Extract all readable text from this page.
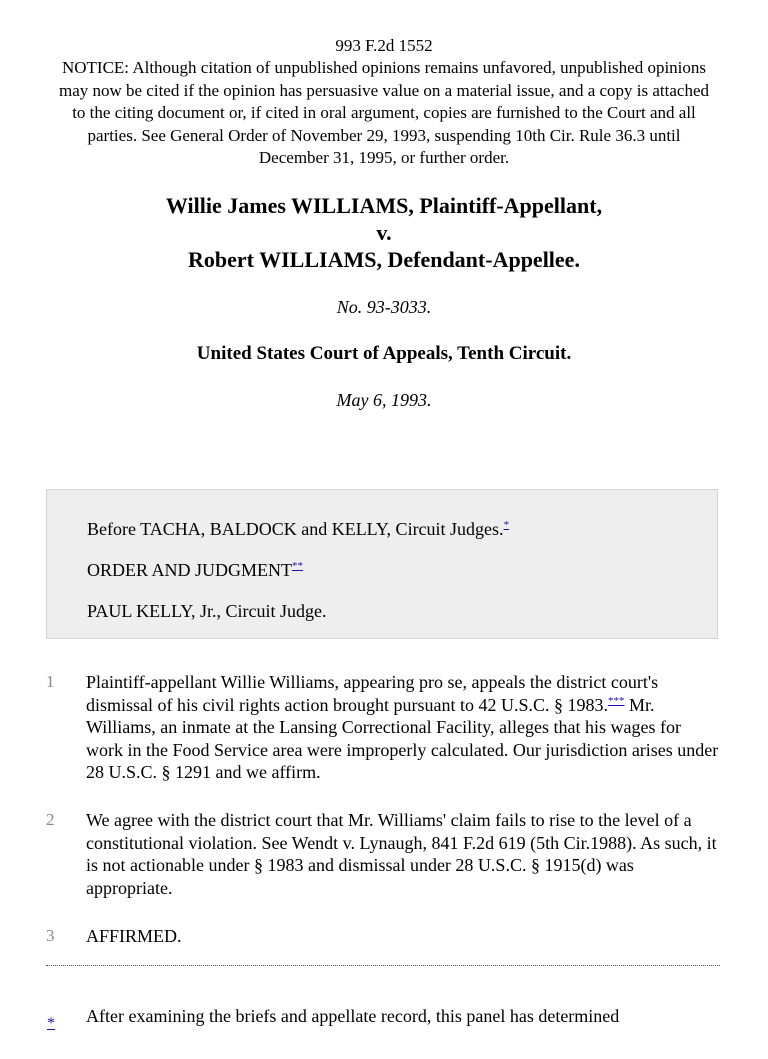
993 F.2d 1552
NOTICE: Although citation of unpublished opinions remains unfavored, unpublished opinions may now be cited if the opinion has persuasive value on a material issue, and a copy is attached to the citing document or, if cited in oral argument, copies are furnished to the Court and all parties. See General Order of November 29, 1993, suspending 10th Cir. Rule 36.3 until December 31, 1995, or further order.
Willie James WILLIAMS, Plaintiff-Appellant,
v.
Robert WILLIAMS, Defendant-Appellee.
No. 93-3033.
United States Court of Appeals, Tenth Circuit.
May 6, 1993.
Before TACHA, BALDOCK and KELLY, Circuit Judges.*
ORDER AND JUDGMENT**
PAUL KELLY, Jr., Circuit Judge.
1	Plaintiff-appellant Willie Williams, appearing pro se, appeals the district court's dismissal of his civil rights action brought pursuant to 42 U.S.C. § 1983.*** Mr. Williams, an inmate at the Lansing Correctional Facility, alleges that his wages for work in the Food Service area were improperly calculated. Our jurisdiction arises under 28 U.S.C. § 1291 and we affirm.
2	We agree with the district court that Mr. Williams' claim fails to rise to the level of a constitutional violation. See Wendt v. Lynaugh, 841 F.2d 619 (5th Cir.1988). As such, it is not actionable under § 1983 and dismissal under 28 U.S.C. § 1915(d) was appropriate.
3	AFFIRMED.
* After examining the briefs and appellate record, this panel has determined
